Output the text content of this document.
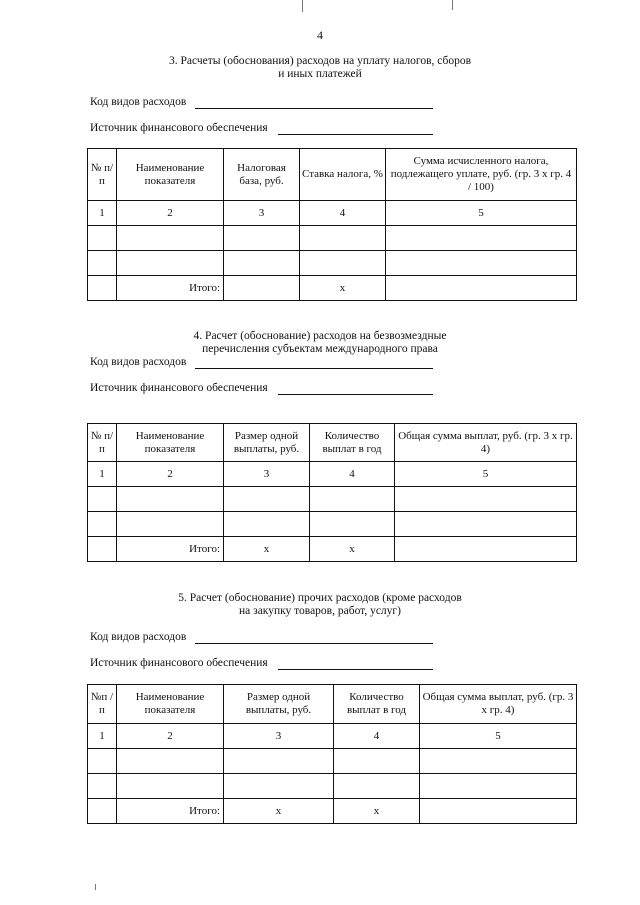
4
3. Расчеты (обоснования) расходов на уплату налогов, сборов
и иных платежей
Код видов расходов
Источник финансового обеспечения
№ п/п	Наименование показателя	Налоговая база, руб.	Ставка налога, %	Сумма исчисленного налога, подлежащего уплате, руб. (гр. 3 х гр. 4 / 100)
1	2	3	4	5

	Итого:		x	
4. Расчет (обоснование) расходов на безвозмездные
перечисления субъектам международного права
Код видов расходов
Источник финансового обеспечения
№ п/п	Наименование показателя	Размер одной выплаты, руб.	Количество выплат в год	Общая сумма выплат, руб. (гр. 3 х гр. 4)
1	2	3	4	5

	Итого:	x	x	
5. Расчет (обоснование) прочих расходов (кроме расходов
на закупку товаров, работ, услуг)
Код видов расходов
Источник финансового обеспечения
№п /п	Наименование показателя	Размер одной выплаты, руб.	Количество выплат в год	Общая сумма выплат, руб. (гр. 3 х гр. 4)
1	2	3	4	5

	Итого:	x	x	
